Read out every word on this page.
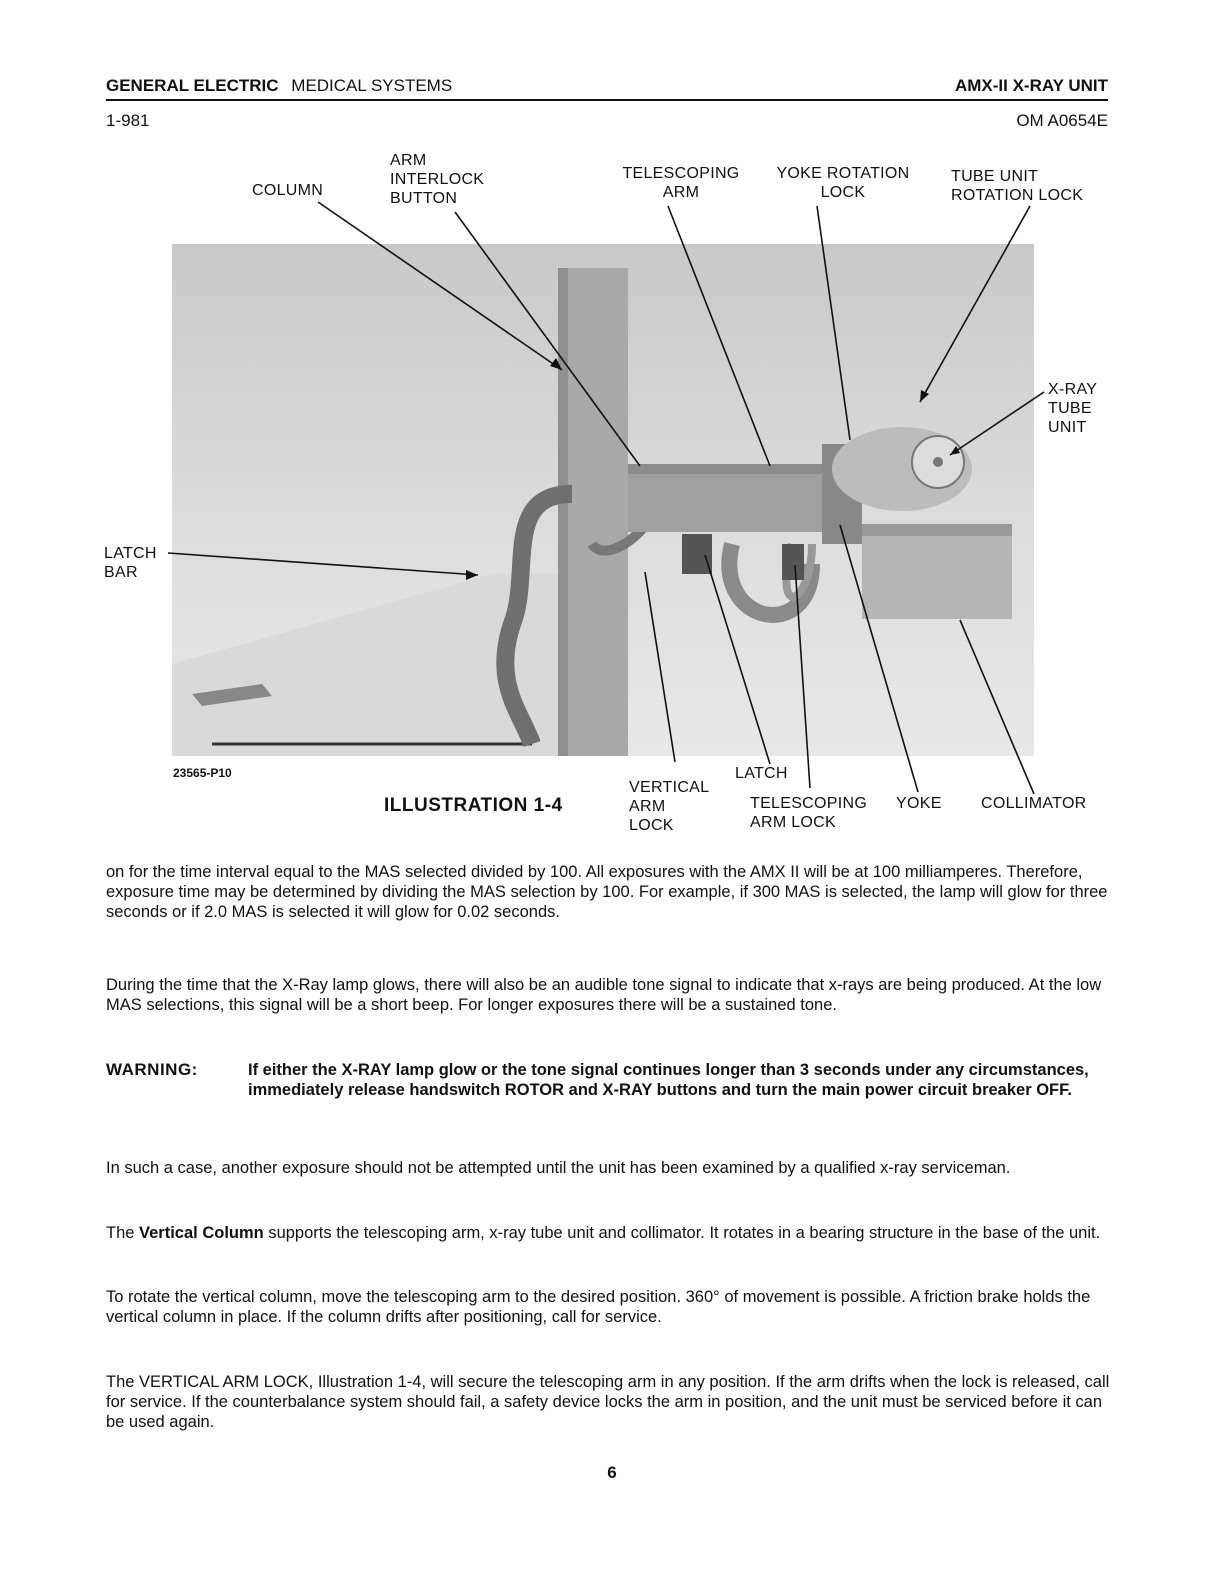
GENERAL ELECTRIC MEDICAL SYSTEMS	AMX-II X-RAY UNIT
1-981	OM A0654E
COLUMN
ARM
INTERLOCK
BUTTON
TELESCOPING
ARM
YOKE ROTATION
LOCK
TUBE UNIT
ROTATION LOCK
X-RAY
TUBE
UNIT
LATCH
BAR
VERTICAL
ARM
LOCK
LATCH
TELESCOPING
ARM LOCK
YOKE COLLIMATOR
23565-P10
ILLUSTRATION 1-4
on for the time interval equal to the MAS selected divided by 100. All exposures with the AMX II will be at 100 milliamperes. Therefore, exposure time may be determined by dividing the MAS selection by 100. For example, if 300 MAS is selected, the lamp will glow for three seconds or if 2.0 MAS is selected it will glow for 0.02 seconds.
During the time that the X-Ray lamp glows, there will also be an audible tone signal to indicate that x-rays are being produced. At the low MAS selections, this signal will be a short beep. For longer exposures there will be a sustained tone.
WARNING:	If either the X-RAY lamp glow or the tone signal continues longer than 3 seconds under any circumstances, immediately release handswitch ROTOR and X-RAY buttons and turn the main power circuit breaker OFF.
In such a case, another exposure should not be attempted until the unit has been examined by a qualified x-ray serviceman.
The Vertical Column supports the telescoping arm, x-ray tube unit and collimator. It rotates in a bearing structure in the base of the unit.
To rotate the vertical column, move the telescoping arm to the desired position. 360° of movement is possible. A friction brake holds the vertical column in place. If the column drifts after positioning, call for service.
The VERTICAL ARM LOCK, Illustration 1-4, will secure the telescoping arm in any position. If the arm drifts when the lock is released, call for service. If the counterbalance system should fail, a safety device locks the arm in position, and the unit must be serviced before it can be used again.
6
